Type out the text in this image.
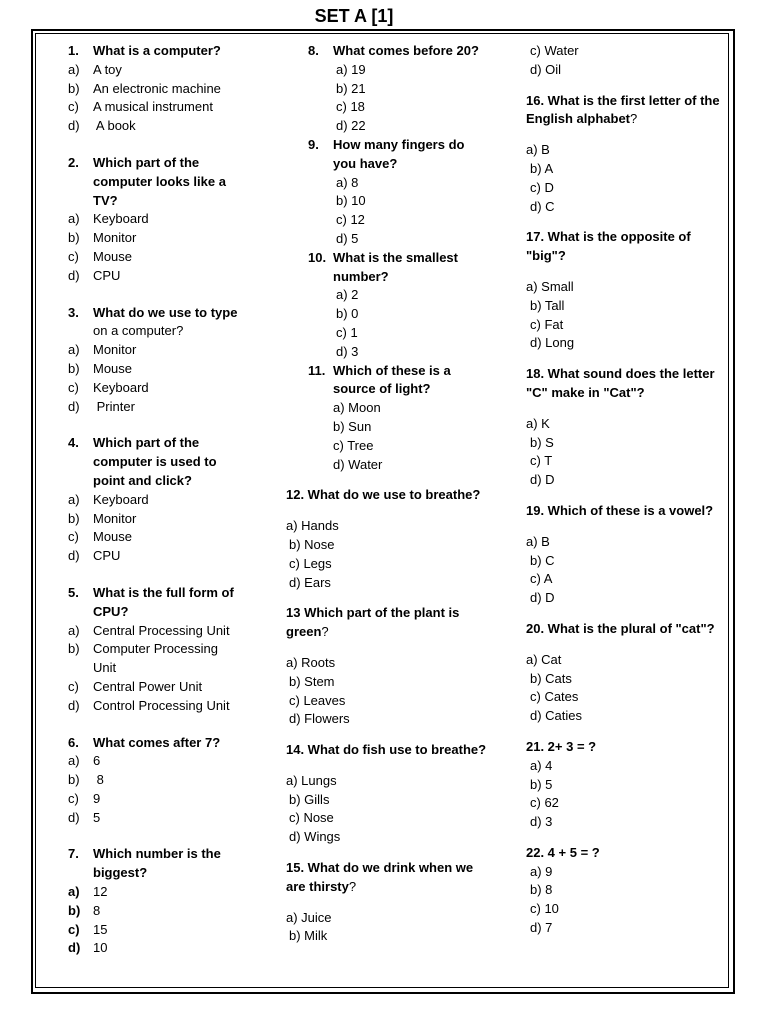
SET A [1]
1.	What is a computer?
a)	A toy
b)	An electronic machine
c)	A musical instrument
d)	A book
2.	Which part of the computer looks like a TV?
a)	Keyboard
b)	Monitor
c)	Mouse
d)	CPU
3.	What do we use to type
on a computer?
a)	Monitor
b)	Mouse
c)	Keyboard
d)	Printer
4.	Which part of the computer is used to point and click?
a)	Keyboard
b)	Monitor
c)	Mouse
d)	CPU
5.	What is the full form of CPU?
a)	Central Processing Unit
b)	Computer Processing
Unit
c)	Central Power Unit
d)	Control Processing Unit
6.	What comes after 7?
a)	6
b)	8
c)	9
d)	5
7.	Which number is the biggest?
a)	12
b) 8
c)	15
d) 10
8.	What comes before 20?
a) 19
b) 21
c) 18
d) 22
9.	How many fingers do you have?
a) 8
b) 10
c) 12
d) 5
10. What is the smallest number?
a) 2
b) 0
c) 1
d) 3
11. Which of these is a source of light?
a) Moon
b) Sun
c) Tree
d) Water
12. What do we use to breathe?
a) Hands
b) Nose
c) Legs
d) Ears
13 Which part of the plant is green?
a) Roots
b) Stem
c) Leaves
d) Flowers
14. What do fish use to breathe?
a) Lungs
b) Gills
c) Nose
d) Wings
15. What do we drink when we are thirsty?
a) Juice
b) Milk
c) Water
d) Oil
16. What is the first letter of the English alphabet?
a) B
b) A
c) D
d) C
17. What is the opposite of "big"?
a) Small
b) Tall
c) Fat
d) Long
18. What sound does the letter "C" make in "Cat"?
a) K
b) S
c) T
d) D
19. Which of these is a vowel?
a) B
b) C
c) A
d) D
20. What is the plural of "cat"?
a) Cat
b) Cats
c) Cates
d) Caties
21. 2+ 3 = ?
a) 4
b) 5
c) 62
d) 3
22. 4 + 5 = ?
a) 9
b) 8
c) 10
d) 7
